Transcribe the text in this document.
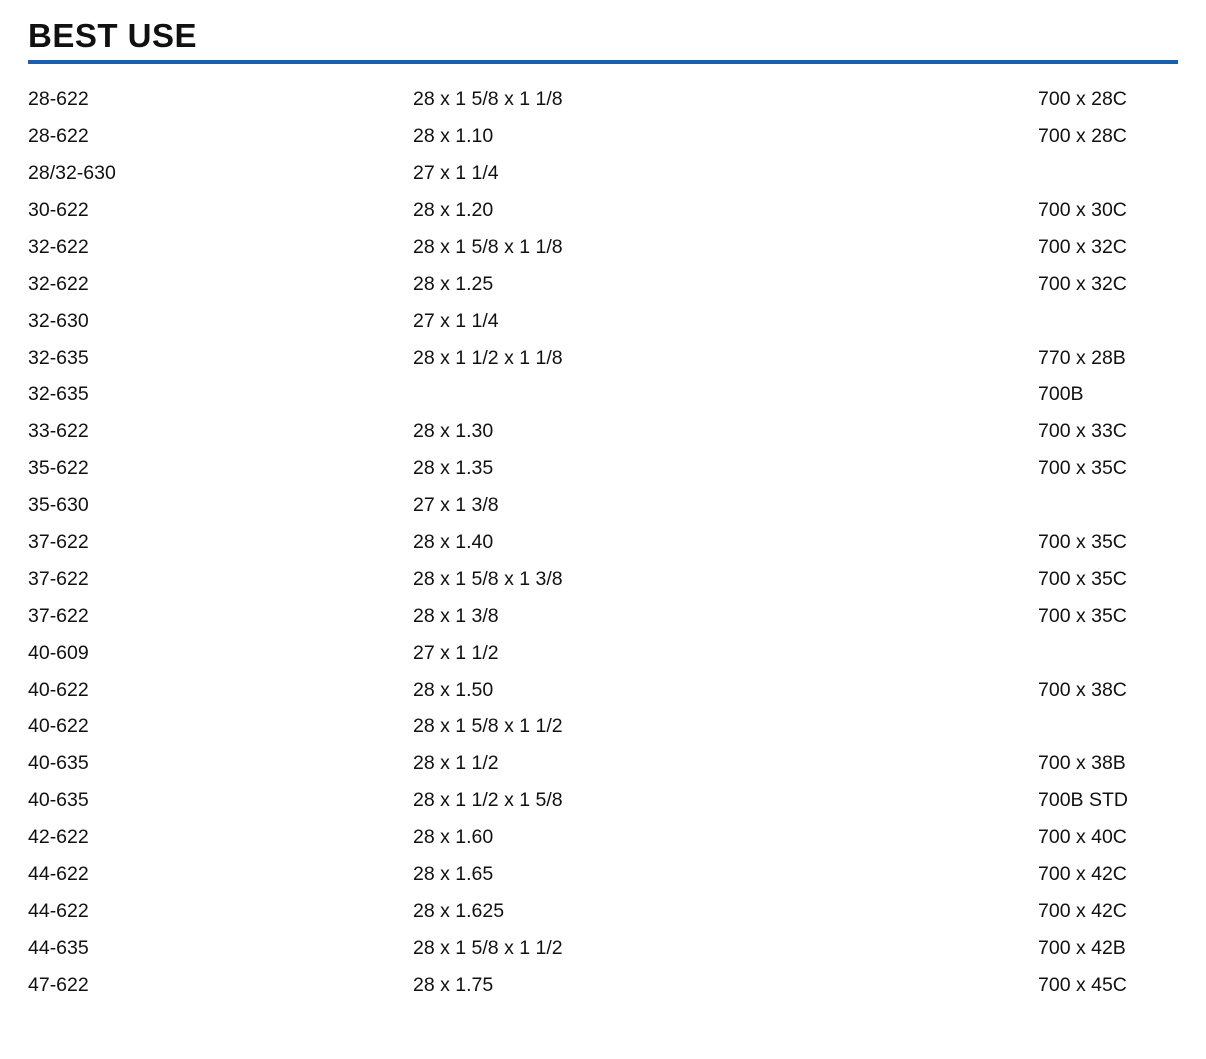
BEST USE
28-622	28 x 1 5/8 x 1 1/8	700 x 28C
28-622	28 x 1.10	700 x 28C
28/32-630	27 x 1 1/4	
30-622	28 x 1.20	700 x 30C
32-622	28 x 1 5/8 x 1 1/8	700 x 32C
32-622	28 x 1.25	700 x 32C
32-630	27 x 1 1/4	
32-635	28 x 1 1/2 x 1 1/8	770 x 28B
32-635		700B
33-622	28 x 1.30	700 x 33C
35-622	28 x 1.35	700 x 35C
35-630	27 x 1 3/8	
37-622	28 x 1.40	700 x 35C
37-622	28 x 1 5/8 x 1 3/8	700 x 35C
37-622	28 x 1 3/8	700 x 35C
40-609	27 x 1 1/2	
40-622	28 x 1.50	700 x 38C
40-622	28 x 1 5/8 x 1 1/2	
40-635	28 x 1 1/2	700 x 38B
40-635	28 x 1 1/2 x 1 5/8	700B STD
42-622	28 x 1.60	700 x 40C
44-622	28 x 1.65	700 x 42C
44-622	28 x 1.625	700 x 42C
44-635	28 x 1 5/8 x 1 1/2	700 x 42B
47-622	28 x 1.75	700 x 45C
